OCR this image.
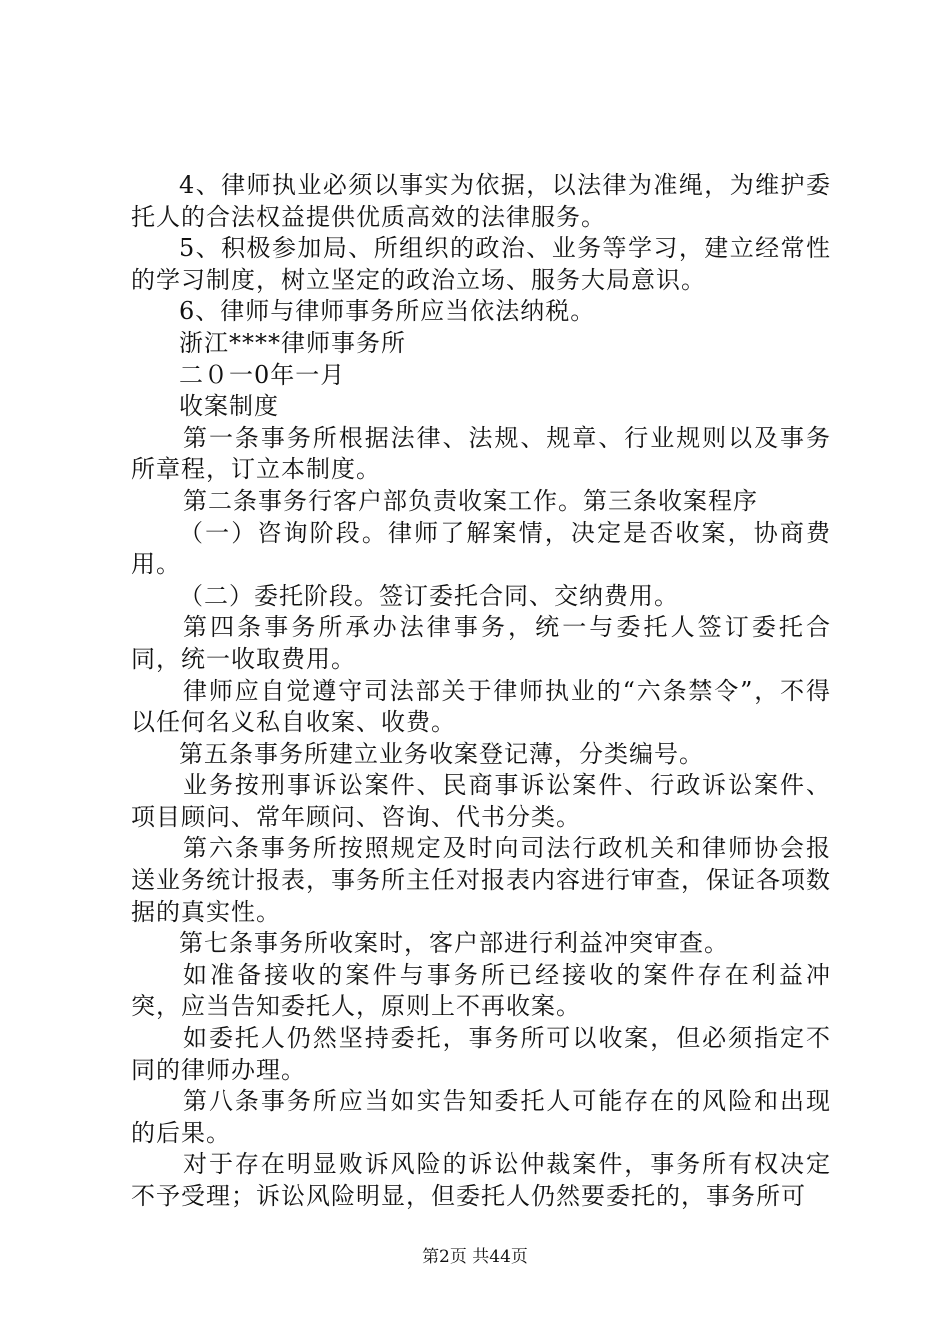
4、律师执业必须以事实为依据，以法律为准绳，为维护委托人的合法权益提供优质高效的法律服务。

5、积极参加局、所组织的政治、业务等学习，建立经常性的学习制度，树立坚定的政治立场、服务大局意识。

6、律师与律师事务所应当依法纳税。

浙江****律师事务所

二０一0年一月

收案制度

第一条事务所根据法律、法规、规章、行业规则以及事务所章程，订立本制度。

第二条事务行客户部负责收案工作。第三条收案程序

（一）咨询阶段。律师了解案情，决定是否收案，协商费用。

（二）委托阶段。签订委托合同、交纳费用。

第四条事务所承办法律事务，统一与委托人签订委托合同，统一收取费用。

律师应自觉遵守司法部关于律师执业的“六条禁令”，不得以任何名义私自收案、收费。

第五条事务所建立业务收案登记薄，分类编号。

业务按刑事诉讼案件、民商事诉讼案件、行政诉讼案件、项目顾问、常年顾问、咨询、代书分类。

第六条事务所按照规定及时向司法行政机关和律师协会报送业务统计报表，事务所主任对报表内容进行审查，保证各项数据的真实性。

第七条事务所收案时，客户部进行利益冲突审查。

如准备接收的案件与事务所已经接收的案件存在利益冲突，应当告知委托人，原则上不再收案。

如委托人仍然坚持委托，事务所可以收案，但必须指定不同的律师办理。

第八条事务所应当如实告知委托人可能存在的风险和出现的后果。

对于存在明显败诉风险的诉讼仲裁案件，事务所有权决定不予受理；诉讼风险明显，但委托人仍然要委托的，事务所可

第2页 共44页
